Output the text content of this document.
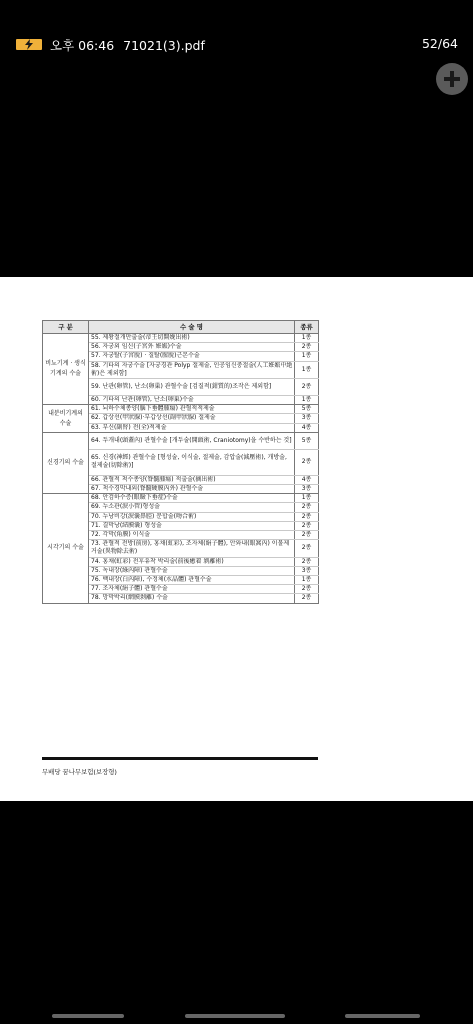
오후 06:46 71021(3).pdf	52/64
구 분	수 술 명	종류
비뇨기계 · 생식기계의 수술	55. 제왕절개만출술(帝王切開娩出術)	1종
	56. 자궁외 임신(子宮外 姙娠)수술	2종
	57. 자궁탈(子宮脫) · 질탈(膣脫)근본수술	1종
	58. 기타의 자궁수술 [자궁경관 Polyp 절제술, 인공임신중절술(人工姙娠中絶術)은 제외함]	1종
	59. 난관(卵管), 난소(卵巢) 관혈수술 [검질적(鉗質的)조작은 제외함]	2종
	60. 기타의 난관(卵管), 난소(卵巢)수술	1종
내분비기계의 수술	61. 뇌하수체종양(腦下垂體腫瘍) 관혈적적제술	5종
	62. 갑상선(甲狀腺)·부갑상선(副甲狀腺) 절제술	3종
	63. 부신(副腎) 전(全)적제술	4종
신경기의 수술	64. 두개내(頭蓋內) 관혈수술 [개두술(開頭術, Craniotomy)을 수반하는 것]	5종
	65. 신경(神經) 관혈수술 [형성술, 이식술, 절제술, 감압술(減壓術), 개방술, 절제술(切除術)]	2종
	66. 관혈적 척수종양(脊髓腫瘍) 적출술(摘出術)	4종
	67. 척수경막내외(脊髓硬膜內外) 관혈수술	3종
시각기의 수술	68. 안검하수증(眼瞼下垂症)수술	1종
	69. 누소관(淚小管)형성술	2종
	70. 누낭비강(淚囊鼻腔) 문합술(吻合術)	2종
	71. 결막낭(結膜囊) 형성술	2종
	72. 각막(角膜) 이식술	2종
	73. 관혈적 전방(前房), 홍채(虹彩), 조자체(絹子體), 안와내(眼窩內) 이물제거술(異物除去術)	2종
	74. 홍채(虹彩) 전후유착 박리술(前後癒着 剝離術)	2종
	75. 녹내장(綠內障) 관혈수술	3종
	76. 백내장(白內障), 수정체(水晶體) 관혈수술	1종
	77. 조자체(絹子體) 관혈수술	2종
	78. 망막박리(網膜剝離) 수술	2종
무배당 꿈나무보험(보장형)
